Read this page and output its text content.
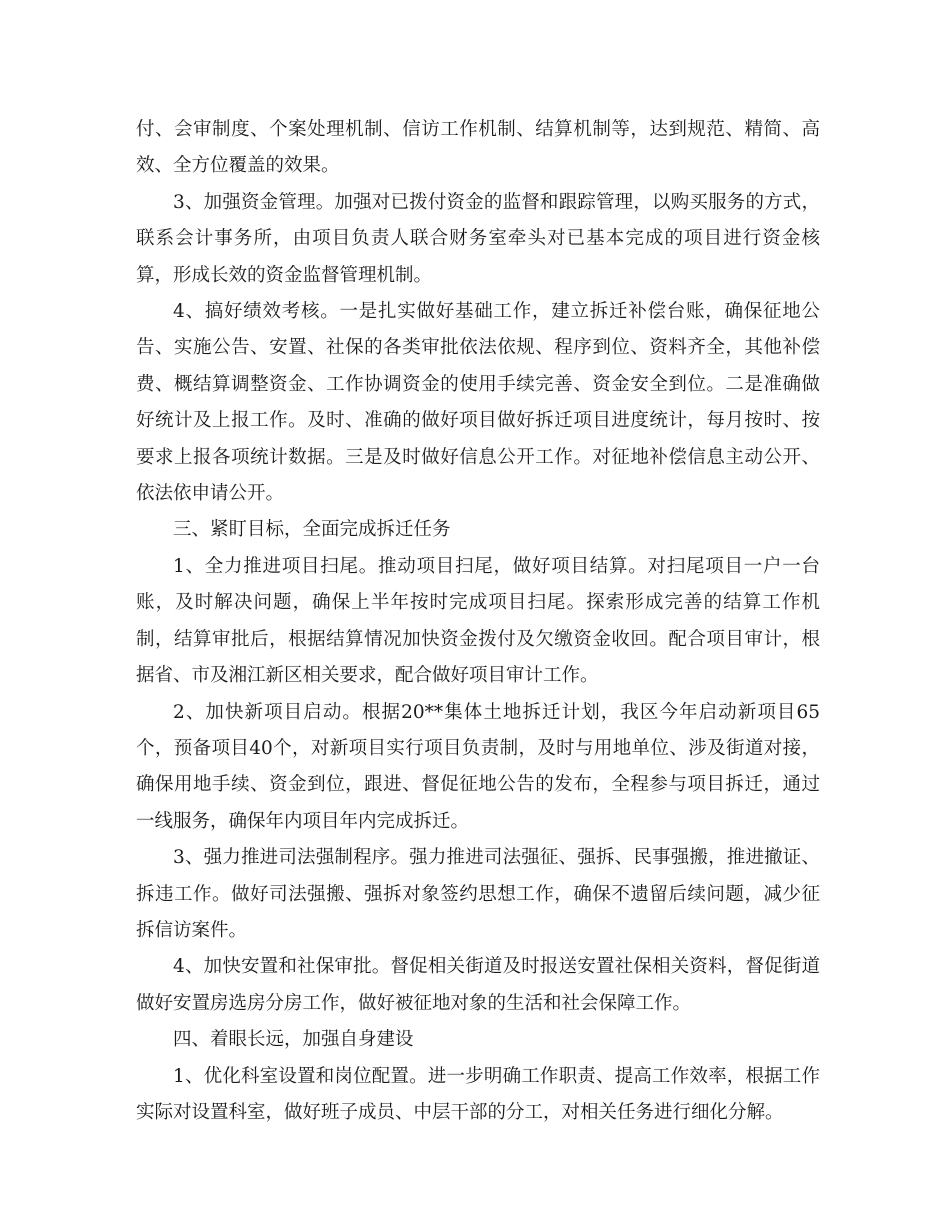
付、会审制度、个案处理机制、信访工作机制、结算机制等，达到规范、精简、高效、全方位覆盖的效果。

3、加强资金管理。加强对已拨付资金的监督和跟踪管理，以购买服务的方式，联系会计事务所，由项目负责人联合财务室牵头对已基本完成的项目进行资金核算，形成长效的资金监督管理机制。

4、搞好绩效考核。一是扎实做好基础工作，建立拆迁补偿台账，确保征地公告、实施公告、安置、社保的各类审批依法依规、程序到位、资料齐全，其他补偿费、概结算调整资金、工作协调资金的使用手续完善、资金安全到位。二是准确做好统计及上报工作。及时、准确的做好项目做好拆迁项目进度统计，每月按时、按要求上报各项统计数据。三是及时做好信息公开工作。对征地补偿信息主动公开、依法依申请公开。

三、紧盯目标，全面完成拆迁任务

1、全力推进项目扫尾。推动项目扫尾，做好项目结算。对扫尾项目一户一台账，及时解决问题，确保上半年按时完成项目扫尾。探索形成完善的结算工作机制，结算审批后，根据结算情况加快资金拨付及欠缴资金收回。配合项目审计，根据省、市及湘江新区相关要求，配合做好项目审计工作。

2、加快新项目启动。根据20**集体土地拆迁计划，我区今年启动新项目65个，预备项目40个，对新项目实行项目负责制，及时与用地单位、涉及街道对接，确保用地手续、资金到位，跟进、督促征地公告的发布，全程参与项目拆迁，通过一线服务，确保年内项目年内完成拆迁。

3、强力推进司法强制程序。强力推进司法强征、强拆、民事强搬，推进撤证、拆违工作。做好司法强搬、强拆对象签约思想工作，确保不遗留后续问题，减少征拆信访案件。

4、加快安置和社保审批。督促相关街道及时报送安置社保相关资料，督促街道做好安置房选房分房工作，做好被征地对象的生活和社会保障工作。

四、着眼长远，加强自身建设

1、优化科室设置和岗位配置。进一步明确工作职责、提高工作效率，根据工作实际对设置科室，做好班子成员、中层干部的分工，对相关任务进行细化分解。
